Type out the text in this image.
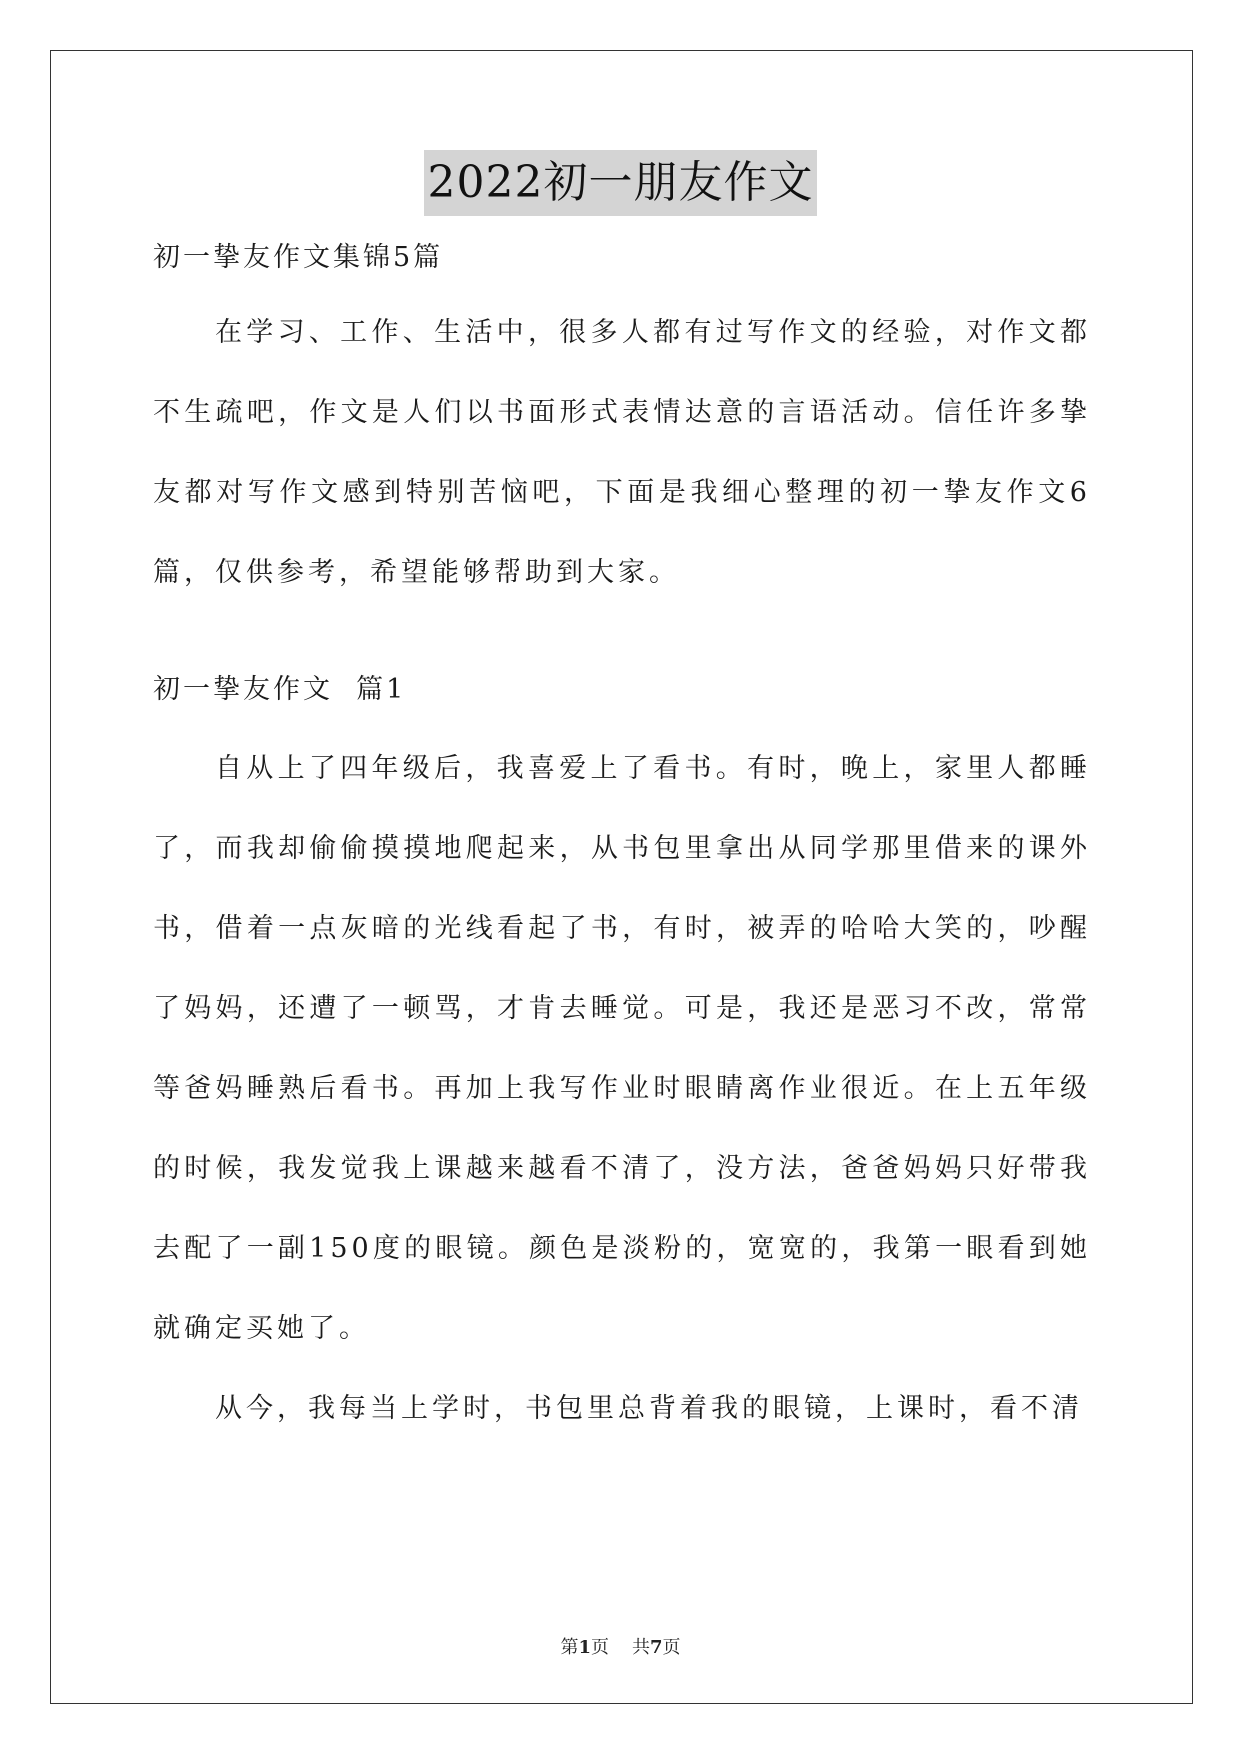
2022初一朋友作文
初一挚友作文集锦5篇

在学习、工作、生活中，很多人都有过写作文的经验，对作文都不生疏吧，作文是人们以书面形式表情达意的言语活动。信任许多挚友都对写作文感到特别苦恼吧，下面是我细心整理的初一挚友作文6篇，仅供参考，希望能够帮助到大家。

初一挚友作文  篇1

自从上了四年级后，我喜爱上了看书。有时，晚上，家里人都睡了，而我却偷偷摸摸地爬起来，从书包里拿出从同学那里借来的课外书，借着一点灰暗的光线看起了书，有时，被弄的哈哈大笑的，吵醒了妈妈，还遭了一顿骂，才肯去睡觉。可是，我还是恶习不改，常常等爸妈睡熟后看书。再加上我写作业时眼睛离作业很近。在上五年级的时候，我发觉我上课越来越看不清了，没方法，爸爸妈妈只好带我去配了一副150度的眼镜。颜色是淡粉的，宽宽的，我第一眼看到她就确定买她了。

从今，我每当上学时，书包里总背着我的眼镜，上课时，看不清

第1页 共7页
